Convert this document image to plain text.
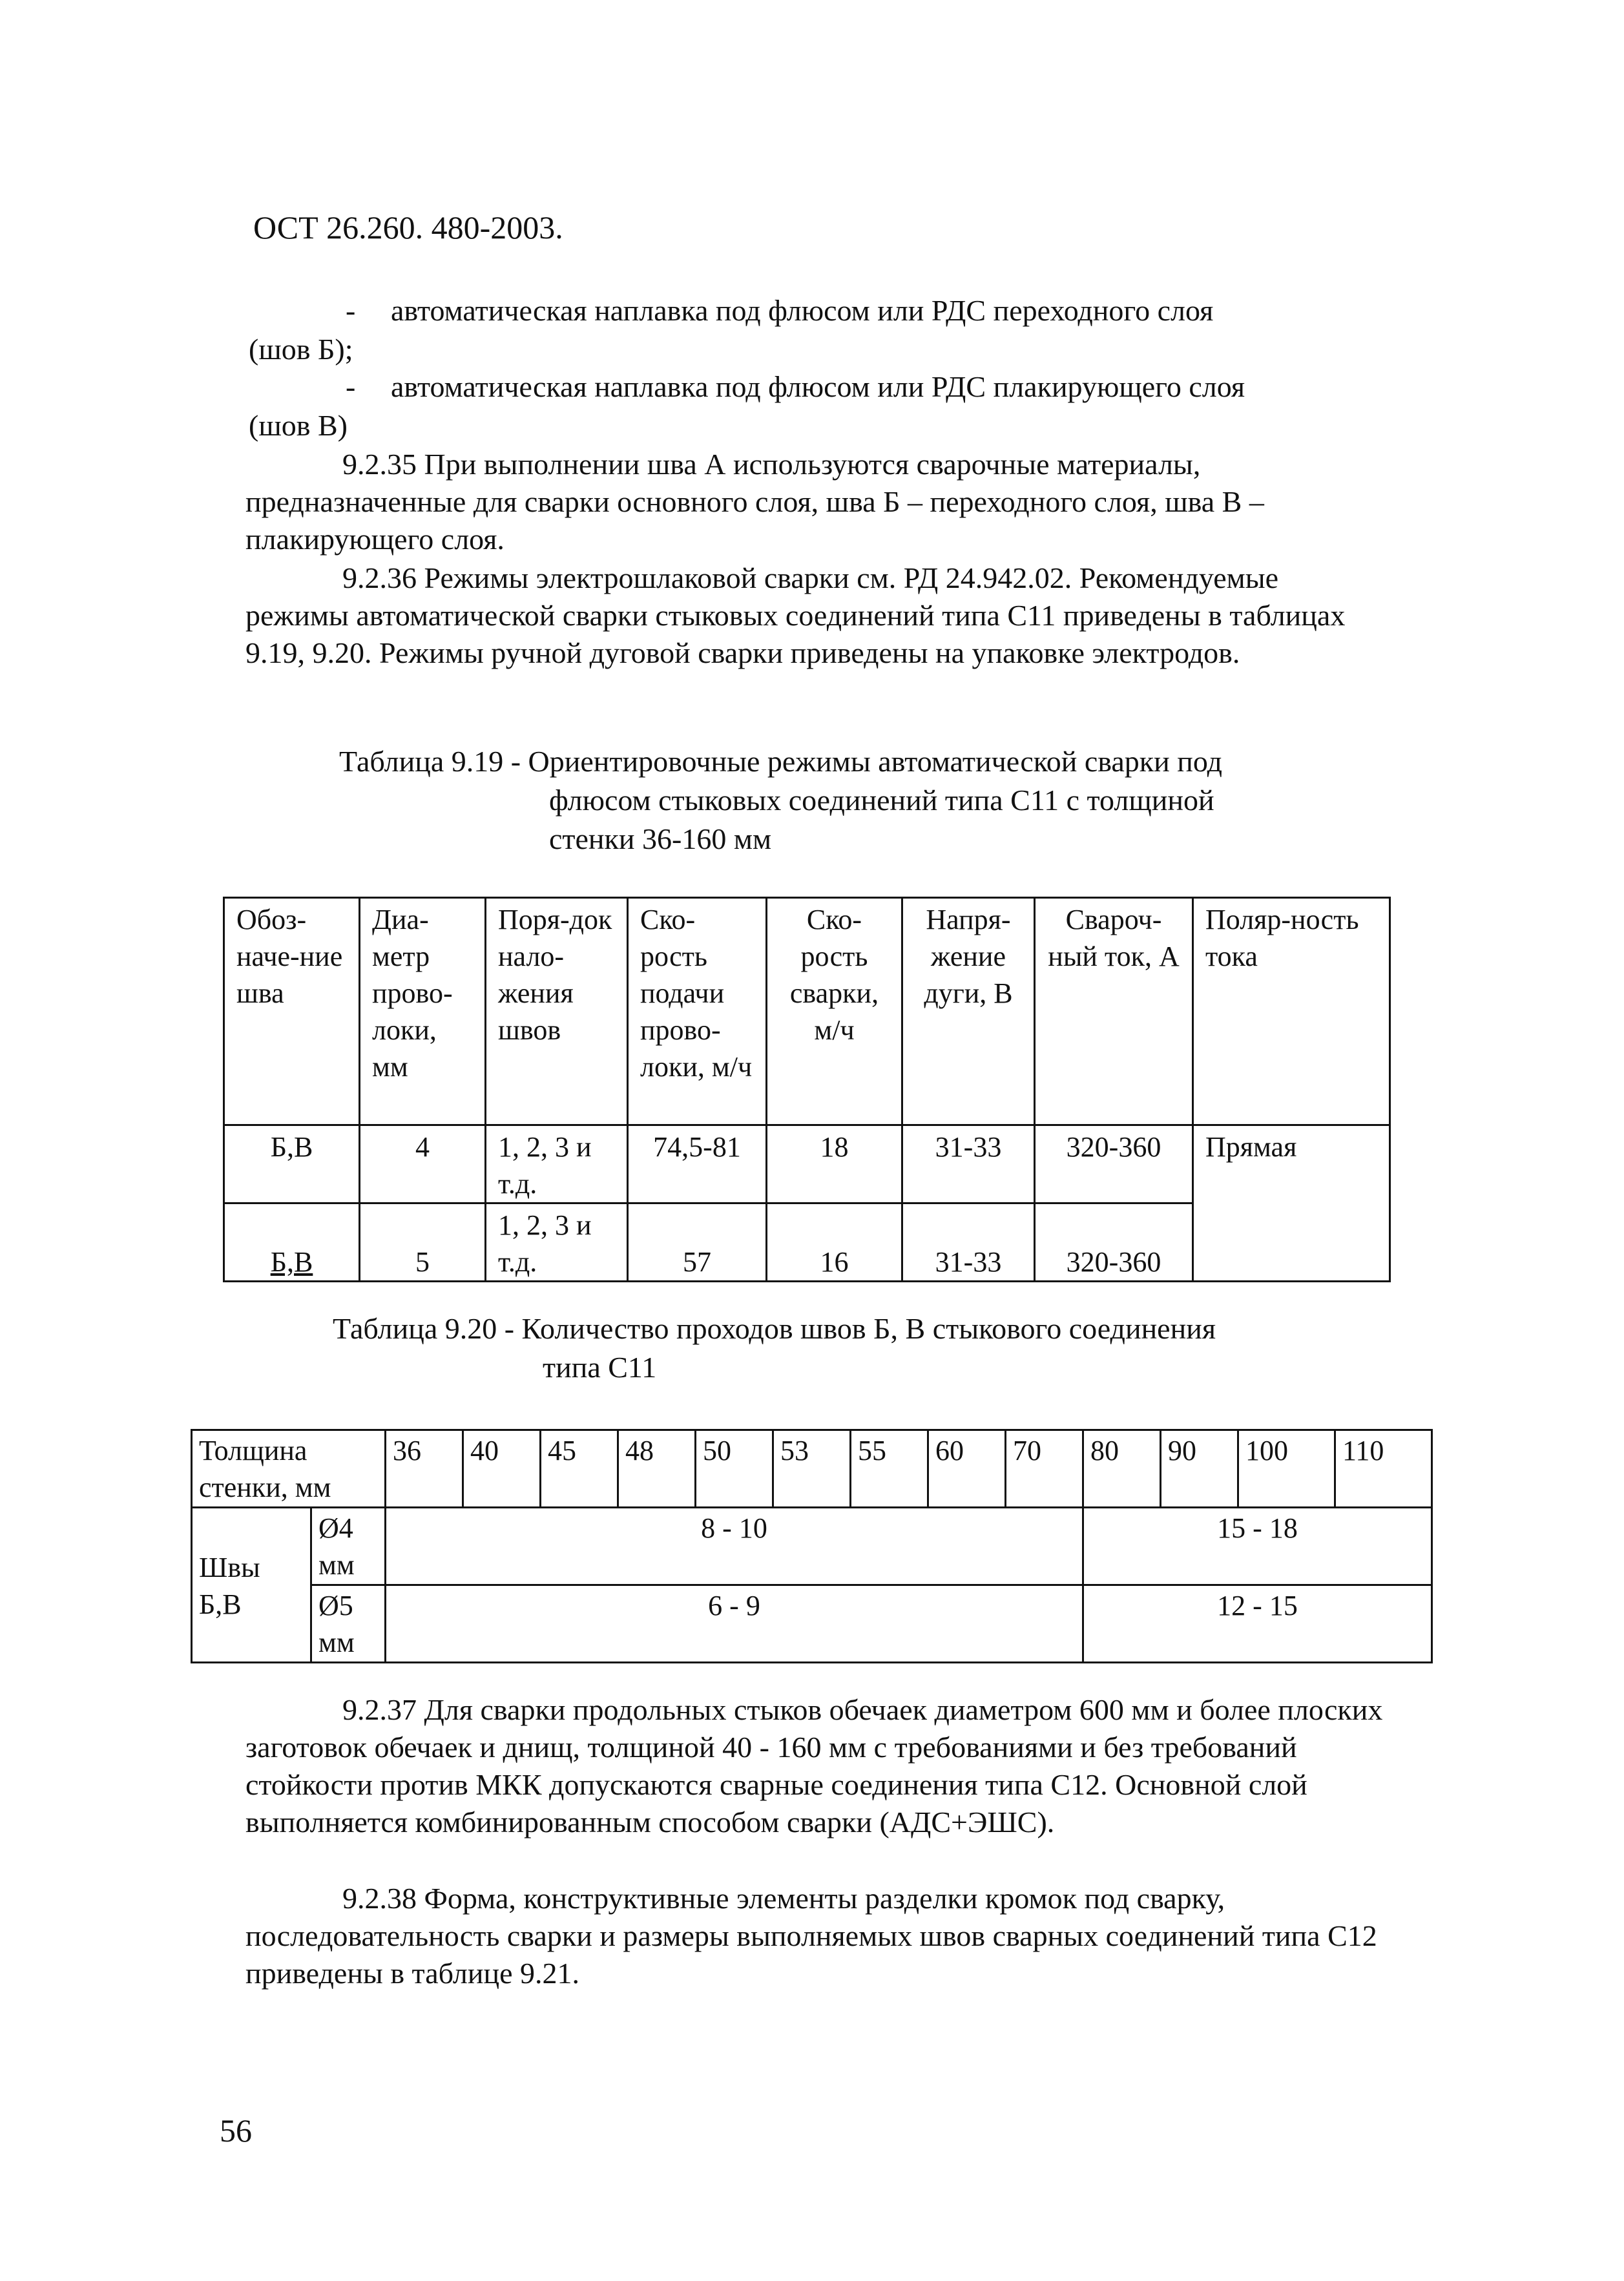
ОСТ 26.260. 480-2003.

- автоматическая наплавка под флюсом или РДС переходного слоя
(шов Б);
- автоматическая наплавка под флюсом или РДС плакирующего слоя
(шов В)

9.2.35 При выполнении шва А используются сварочные материалы, предназначенные для сварки основного слоя, шва Б – переходного слоя, шва В – плакирующего слоя.

9.2.36 Режимы электрошлаковой сварки см. РД 24.942.02. Рекомендуемые режимы автоматической сварки стыковых соединений типа С11 приведены в таблицах 9.19, 9.20. Режимы ручной дуговой сварки приведены на упаковке электродов.

Таблица 9.19 - Ориентировочные режимы автоматической сварки под
флюсом стыковых соединений типа С11 с толщиной
стенки 36-160 мм
Обоз-наче-ние шва	Диа-метр прово-локи, мм	Поря-док нало-жения швов	Ско-рость подачи прово-локи, м/ч	Ско-рость сварки, м/ч	Напря-жение дуги, В	Свароч-ный ток, А	Поляр-ность тока
Б,В	4	1, 2, 3 и т.д.	74,5-81	18	31-33	320-360	Прямая
Б,В	5	1, 2, 3 и т.д.	57	16	31-33	320-360	
Таблица 9.20 - Количество проходов швов Б, В стыкового соединения
типа С11
Толщина стенки, мм		36	40	45	48	50	53	55	60	70	80	90	100	110
Швы Б,В	Ø4 мм	8 - 10									15 - 18			
	Ø5 мм	6 - 9									12 - 15			

9.2.37 Для сварки продольных стыков обечаек диаметром 600 мм и более плоских заготовок обечаек и днищ, толщиной 40 - 160 мм с требованиями и без требований стойкости против МКК допускаются сварные соединения типа С12. Основной слой выполняется комбинированным способом сварки (АДС+ЭШС).

9.2.38 Форма, конструктивные элементы разделки кромок под сварку, последовательность сварки и размеры выполняемых швов сварных соединений типа С12 приведены в таблице 9.21.

56
